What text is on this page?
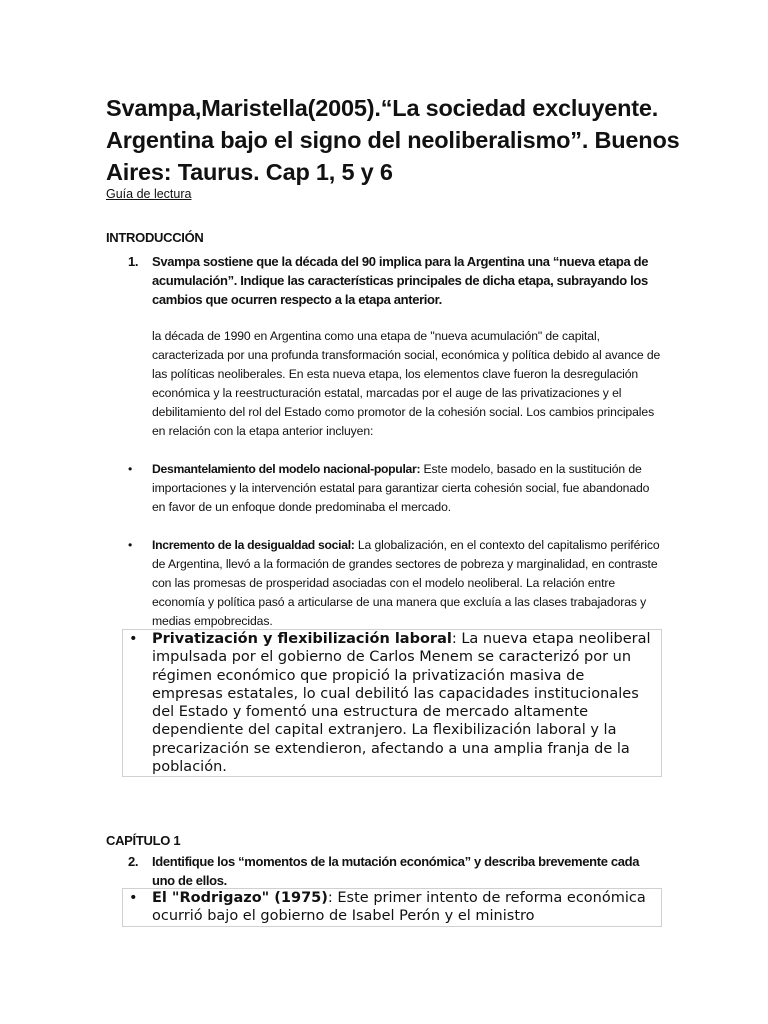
Svampa,Maristella(2005).“La sociedad excluyente. Argentina bajo el signo del neoliberalismo”. Buenos Aires: Taurus. Cap 1, 5 y 6
Guía de lectura
INTRODUCCIÓN
1.	Svampa sostiene que la década del 90 implica para la Argentina una “nueva etapa de acumulación”. Indique las características principales de dicha etapa, subrayando los cambios que ocurren respecto a la etapa anterior.
la década de 1990 en Argentina como una etapa de "nueva acumulación" de capital, caracterizada por una profunda transformación social, económica y política debido al avance de las políticas neoliberales. En esta nueva etapa, los elementos clave fueron la desregulación económica y la reestructuración estatal, marcadas por el auge de las privatizaciones y el debilitamiento del rol del Estado como promotor de la cohesión social. Los cambios principales en relación con la etapa anterior incluyen:
•	Desmantelamiento del modelo nacional-popular: Este modelo, basado en la sustitución de importaciones y la intervención estatal para garantizar cierta cohesión social, fue abandonado en favor de un enfoque donde predominaba el mercado.
•	Incremento de la desigualdad social: La globalización, en el contexto del capitalismo periférico de Argentina, llevó a la formación de grandes sectores de pobreza y marginalidad, en contraste con las promesas de prosperidad asociadas con el modelo neoliberal. La relación entre economía y política pasó a articularse de una manera que excluía a las clases trabajadoras y medias empobrecidas.
• Privatización y flexibilización laboral: La nueva etapa neoliberal impulsada por el gobierno de Carlos Menem se caracterizó por un régimen económico que propició la privatización masiva de empresas estatales, lo cual debilitó las capacidades institucionales del Estado y fomentó una estructura de mercado altamente dependiente del capital extranjero. La flexibilización laboral y la precarización se extendieron, afectando a una amplia franja de la población.
CAPÍTULO 1
2.	Identifique los “momentos de la mutación económica” y describa brevemente cada uno de ellos.
• El "Rodrigazo" (1975): Este primer intento de reforma económica ocurrió bajo el gobierno de Isabel Perón y el ministro
